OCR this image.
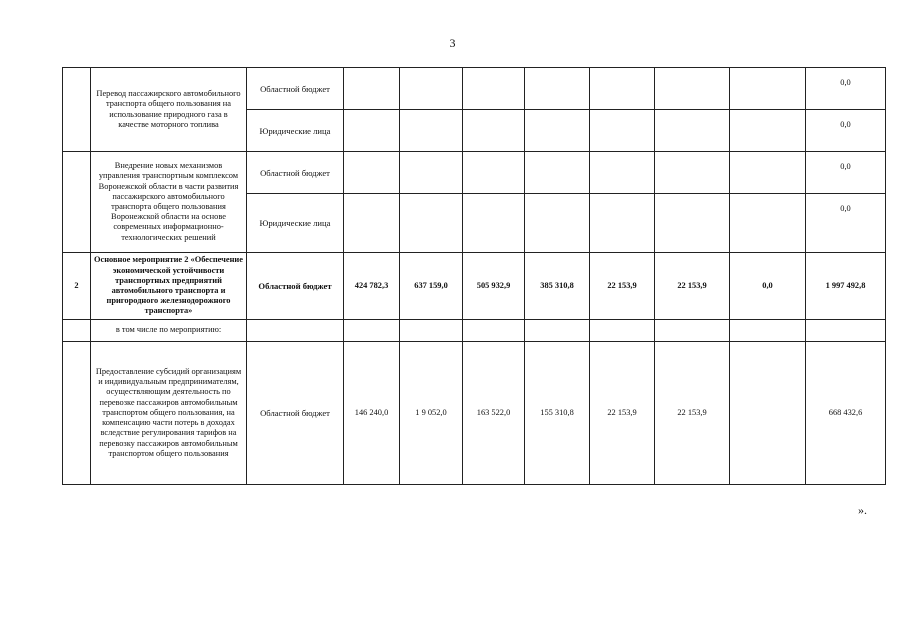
3
	Перевод пассажирского автомобильного транспорта общего пользования на использование природного газа в качестве моторного топлива	Областной бюджет								0,0
		Юридические лица								0,0
	Внедрение новых механизмов управления транспортным комплексом Воронежской области в части развития пассажирского автомобильного транспорта общего пользования Воронежской области на основе современных информационно-технологических решений	Областной бюджет								0,0
		Юридические лица								0,0
2	Основное мероприятие 2 «Обеспечение экономической устойчивости транспортных предприятий автомобильного транспорта и пригородного железнодорожного транспорта»	Областной бюджет	424 782,3	637 159,0	505 932,9	385 310,8	22 153,9	22 153,9	0,0	1 997 492,8
	в том числе по мероприятию:									
	Предоставление субсидий организациям и индивидуальным предпринимателям, осуществляющим деятельность по перевозке пассажиров автомобильным транспортом общего пользования, на компенсацию части потерь в доходах вследствие регулирования тарифов на перевозку пассажиров автомобильным транспортом общего пользования	Областной бюджет	146 240,0	1 9 052,0	163 522,0	155 310,8	22 153,9	22 153,9		668 432,6
».
